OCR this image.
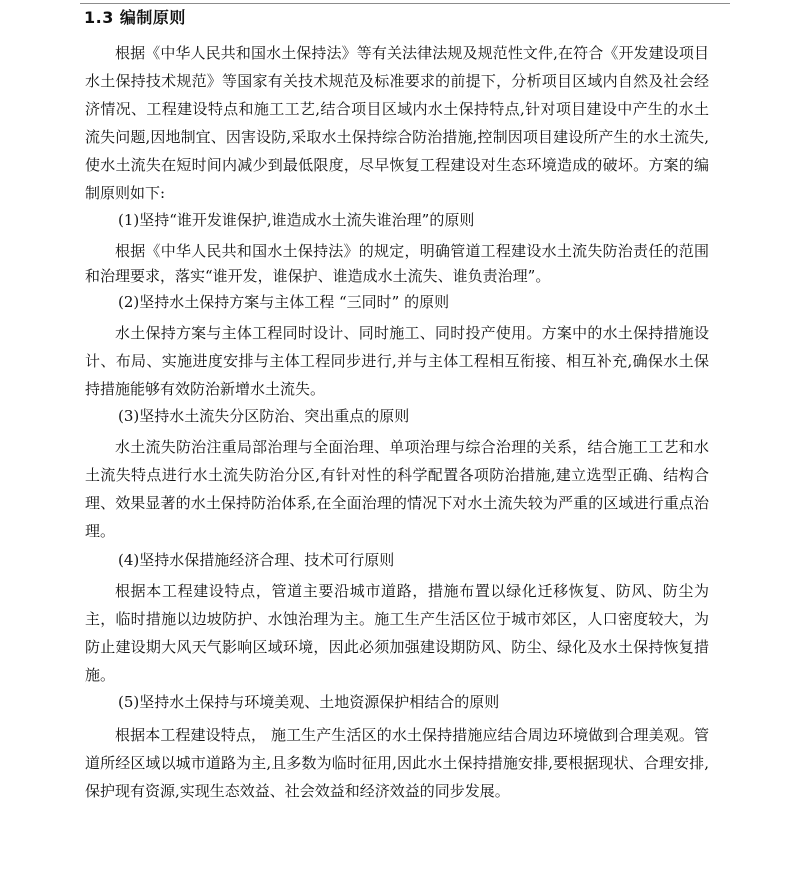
1.3 编制原则

根据《中华人民共和国水土保持法》等有关法律法规及规范性文件,在符合《开发建设项目水土保持技术规范》等国家有关技术规范及标准要求的前提下，分析项目区域内自然及社会经济情况、工程建设特点和施工工艺,结合项目区域内水土保持特点,针对项目建设中产生的水土流失问题,因地制宜、因害设防,采取水土保持综合防治措施,控制因项目建设所产生的水土流失,使水土流失在短时间内减少到最低限度，尽早恢复工程建设对生态环境造成的破坏。方案的编制原则如下:

(1)坚持“谁开发谁保护,谁造成水土流失谁治理”的原则

根据《中华人民共和国水土保持法》的规定，明确管道工程建设水土流失防治责任的范围和治理要求，落实“谁开发，谁保护、谁造成水土流失、谁负责治理”。

(2)坚持水土保持方案与主体工程 “三同时” 的原则

水土保持方案与主体工程同时设计、同时施工、同时投产使用。方案中的水土保持措施设计、布局、实施进度安排与主体工程同步进行,并与主体工程相互衔接、相互补充,确保水土保持措施能够有效防治新增水土流失。

(3)坚持水土流失分区防治、突出重点的原则

水土流失防治注重局部治理与全面治理、单项治理与综合治理的关系，结合施工工艺和水土流失特点进行水土流失防治分区,有针对性的科学配置各项防治措施,建立选型正确、结构合理、效果显著的水土保持防治体系,在全面治理的情况下对水土流失较为严重的区域进行重点治理。

(4)坚持水保措施经济合理、技术可行原则

根据本工程建设特点，管道主要沿城市道路，措施布置以绿化迁移恢复、防风、防尘为主，临时措施以边坡防护、水蚀治理为主。施工生产生活区位于城市郊区，人口密度较大，为防止建设期大风天气影响区域环境，因此必须加强建设期防风、防尘、绿化及水土保持恢复措施。

(5)坚持水土保持与环境美观、土地资源保护相结合的原则

根据本工程建设特点， 施工生产生活区的水土保持措施应结合周边环境做到合理美观。管道所经区域以城市道路为主,且多数为临时征用,因此水土保持措施安排,要根据现状、合理安排,保护现有资源,实现生态效益、社会效益和经济效益的同步发展。
